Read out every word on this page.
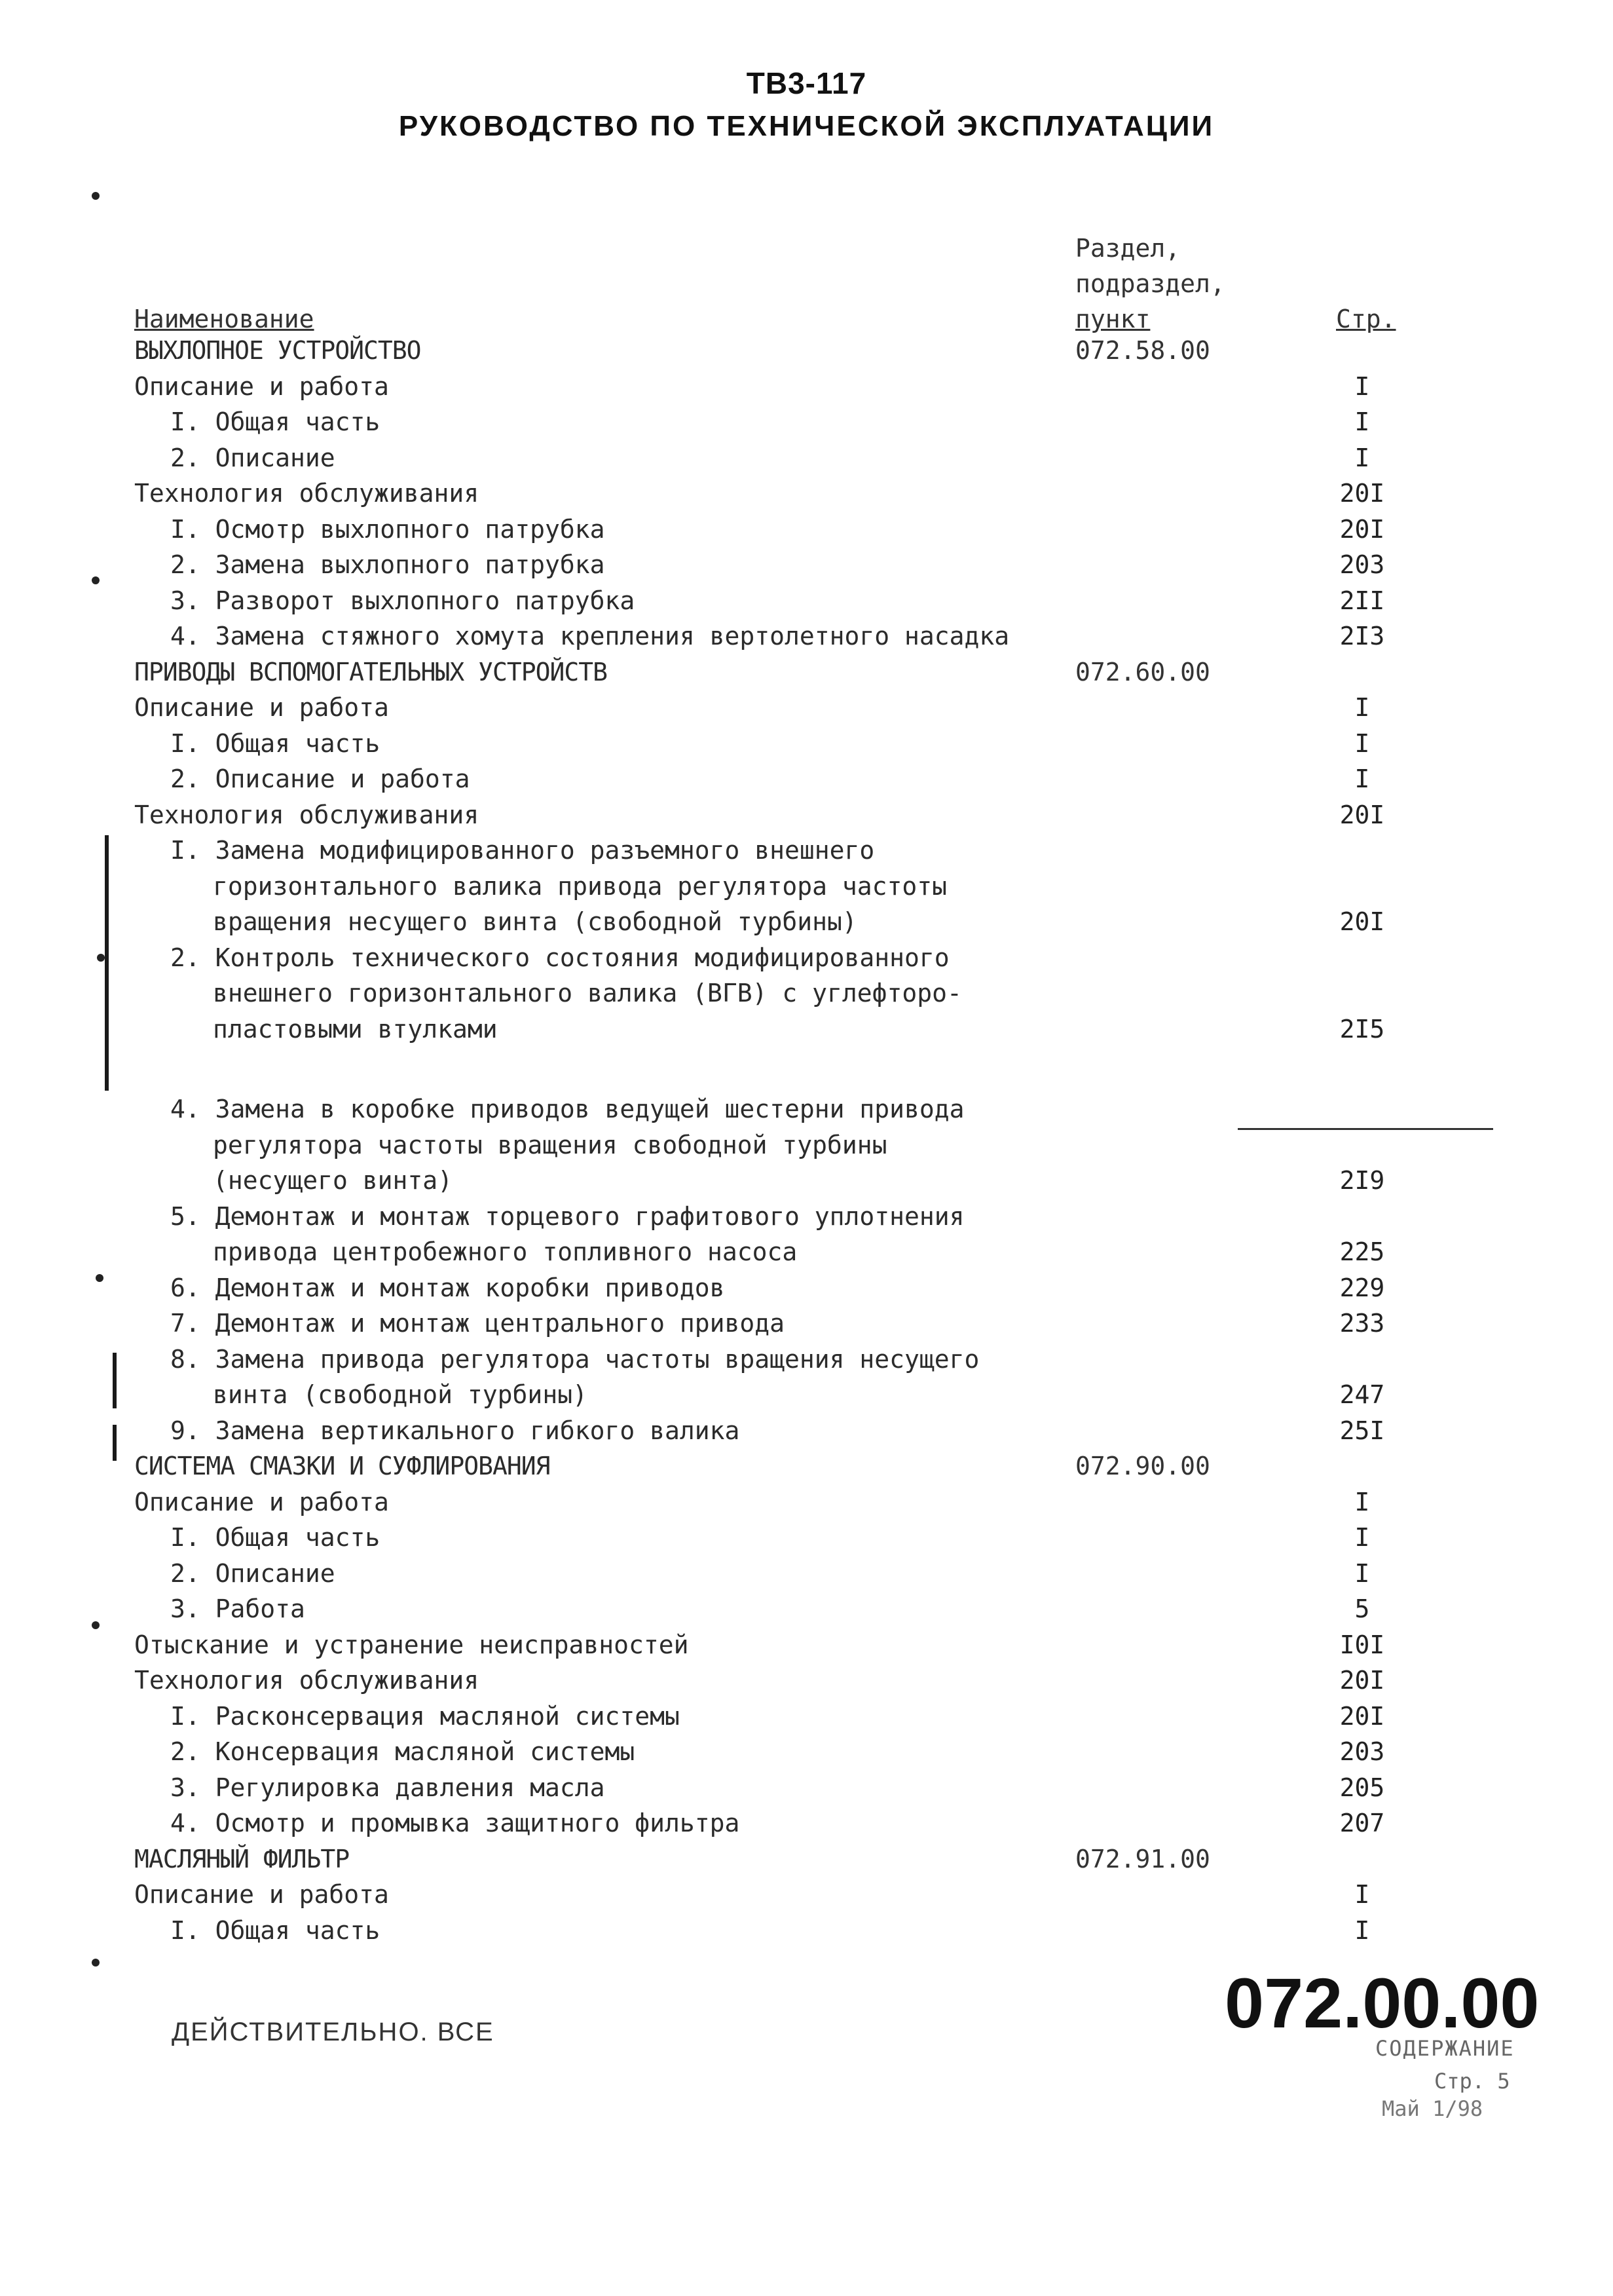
ТВ3-117
РУКОВОДСТВО ПО ТЕХНИЧЕСКОЙ ЭКСПЛУАТАЦИИ
Раздел,
подраздел,
пункт
Наименование	Стр.
ВЫХЛОПНОЕ УСТРОЙСТВО	072.58.00
Описание и работа	I
I. Общая часть	I
2. Описание	I
Технология обслуживания	20I
I. Осмотр выхлопного патрубка	20I
2. Замена выхлопного патрубка	203
3. Разворот выхлопного патрубка	2II
4. Замена стяжного хомута крепления вертолетного насадка	2I3
ПРИВОДЫ ВСПОМОГАТЕЛЬНЫХ УСТРОЙСТВ	072.60.00
Описание и работа	I
I. Общая часть	I
2. Описание и работа	I
Технология обслуживания	20I
I. Замена модифицированного разъемного внешнего
горизонтального валика привода регулятора частоты
вращения несущего винта (свободной турбины)	20I
2. Контроль технического состояния модифицированного
внешнего горизонтального валика (ВГВ) с углефторо-
пластовыми втулками	2I5
4. Замена в коробке приводов ведущей шестерни привода
регулятора частоты вращения свободной турбины
(несущего винта)	2I9
5. Демонтаж и монтаж торцевого графитового уплотнения
привода центробежного топливного насоса	225
6. Демонтаж и монтаж коробки приводов	229
7. Демонтаж и монтаж центрального привода	233
8. Замена привода регулятора частоты вращения несущего
винта (свободной турбины)	247
9. Замена вертикального гибкого валика	25I
СИСТЕМА СМАЗКИ И СУФЛИРОВАНИЯ	072.90.00
Описание и работа	I
I. Общая часть	I
2. Описание	I
3. Работа	5
Отыскание и устранение неисправностей	I0I
Технология обслуживания	20I
I. Расконсервация масляной системы	20I
2. Консервация масляной системы	203
3. Регулировка давления масла	205
4. Осмотр и промывка защитного фильтра	207
МАСЛЯНЫЙ ФИЛЬТР	072.91.00
Описание и работа	I
I. Общая часть	I
ДЕЙСТВИТЕЛЬНО. ВСЕ	072.00.00
СОДЕРЖАНИЕ
Стр. 5
Май 1/98
